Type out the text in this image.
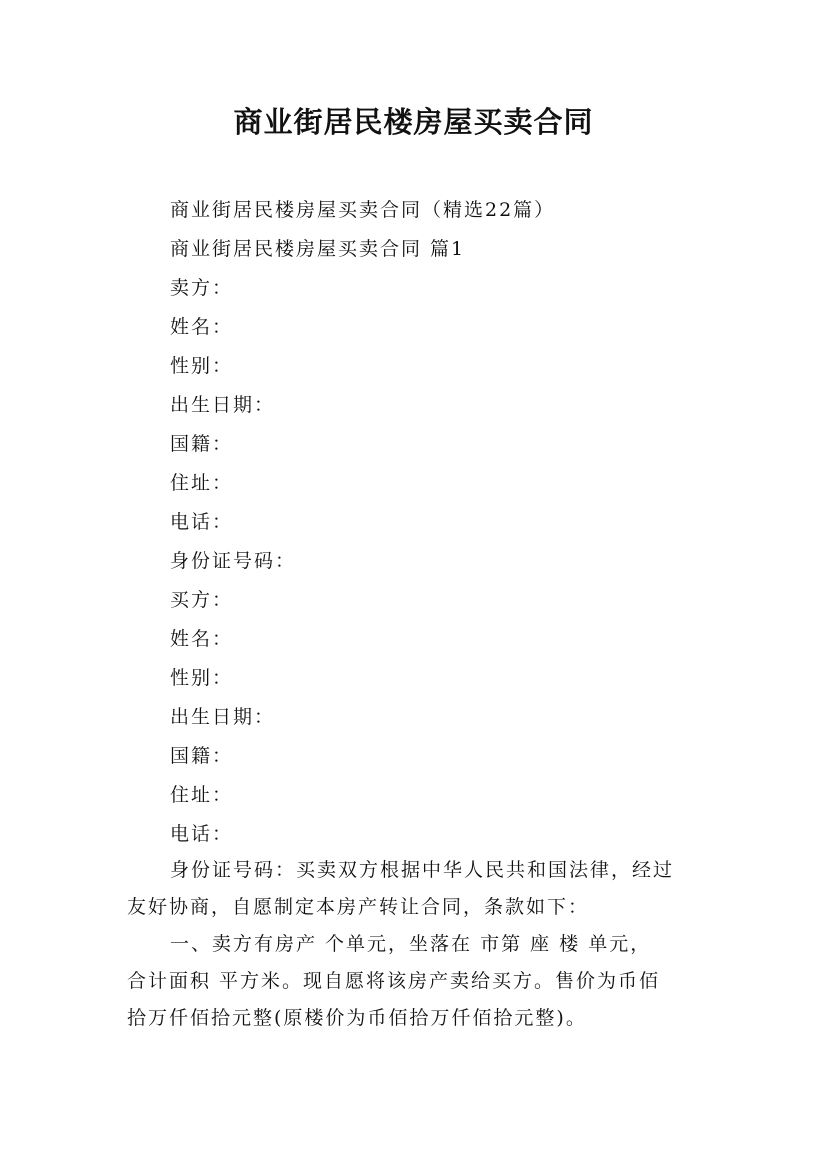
商业街居民楼房屋买卖合同
商业街居民楼房屋买卖合同（精选22篇）
商业街居民楼房屋买卖合同 篇1
卖方：
姓名：
性别：
出生日期：
国籍：
住址：
电话：
身份证号码：
买方：
姓名：
性别：
出生日期：
国籍：
住址：
电话：
身份证号码：买卖双方根据中华人民共和国法律，经过
友好协商，自愿制定本房产转让合同，条款如下：
一、卖方有房产 个单元，坐落在 市第 座 楼 单元，
合计面积 平方米。现自愿将该房产卖给买方。售价为币佰
拾万仟佰拾元整(原楼价为币佰拾万仟佰拾元整)。
